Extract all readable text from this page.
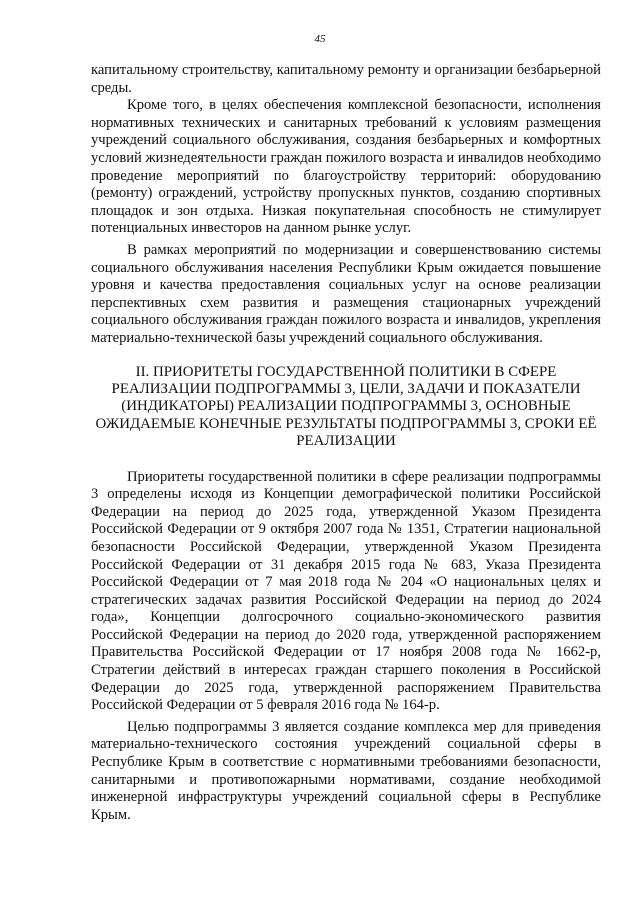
45

капитальному строительству, капитальному ремонту и организации безбарьерной среды.

Кроме того, в целях обеспечения комплексной безопасности, исполнения нормативных технических и санитарных требований к условиям размещения учреждений социального обслуживания, создания безбарьерных и комфортных условий жизнедеятельности граждан пожилого возраста и инвалидов необходимо проведение мероприятий по благоустройству территорий: оборудованию (ремонту) ограждений, устройству пропускных пунктов, созданию спортивных площадок и зон отдыха. Низкая покупательная способность не стимулирует потенциальных инвесторов на данном рынке услуг.

В рамках мероприятий по модернизации и совершенствованию системы социального обслуживания населения Республики Крым ожидается повышение уровня и качества предоставления социальных услуг на основе реализации перспективных схем развития и размещения стационарных учреждений социального обслуживания граждан пожилого возраста и инвалидов, укрепления материально-технической базы учреждений социального обслуживания.

II. ПРИОРИТЕТЫ ГОСУДАРСТВЕННОЙ ПОЛИТИКИ В СФЕРЕ РЕАЛИЗАЦИИ ПОДПРОГРАММЫ 3, ЦЕЛИ, ЗАДАЧИ И ПОКАЗАТЕЛИ (ИНДИКАТОРЫ) РЕАЛИЗАЦИИ ПОДПРОГРАММЫ 3, ОСНОВНЫЕ ОЖИДАЕМЫЕ КОНЕЧНЫЕ РЕЗУЛЬТАТЫ ПОДПРОГРАММЫ 3, СРОКИ ЕЁ РЕАЛИЗАЦИИ

Приоритеты государственной политики в сфере реализации подпрограммы 3 определены исходя из Концепции демографической политики Российской Федерации на период до 2025 года, утвержденной Указом Президента Российской Федерации от 9 октября 2007 года № 1351, Стратегии национальной безопасности Российской Федерации, утвержденной Указом Президента Российской Федерации от 31 декабря 2015 года № 683, Указа Президента Российской Федерации от 7 мая 2018 года № 204 «О национальных целях и стратегических задачах развития Российской Федерации на период до 2024 года», Концепции долгосрочного социально-экономического развития Российской Федерации на период до 2020 года, утвержденной распоряжением Правительства Российской Федерации от 17 ноября 2008 года № 1662-р, Стратегии действий в интересах граждан старшего поколения в Российской Федерации до 2025 года, утвержденной распоряжением Правительства Российской Федерации от 5 февраля 2016 года № 164-р.

Целью подпрограммы 3 является создание комплекса мер для приведения материально-технического состояния учреждений социальной сферы в Республике Крым в соответствие с нормативными требованиями безопасности, санитарными и противопожарными нормативами, создание необходимой инженерной инфраструктуры учреждений социальной сферы в Республике Крым.
